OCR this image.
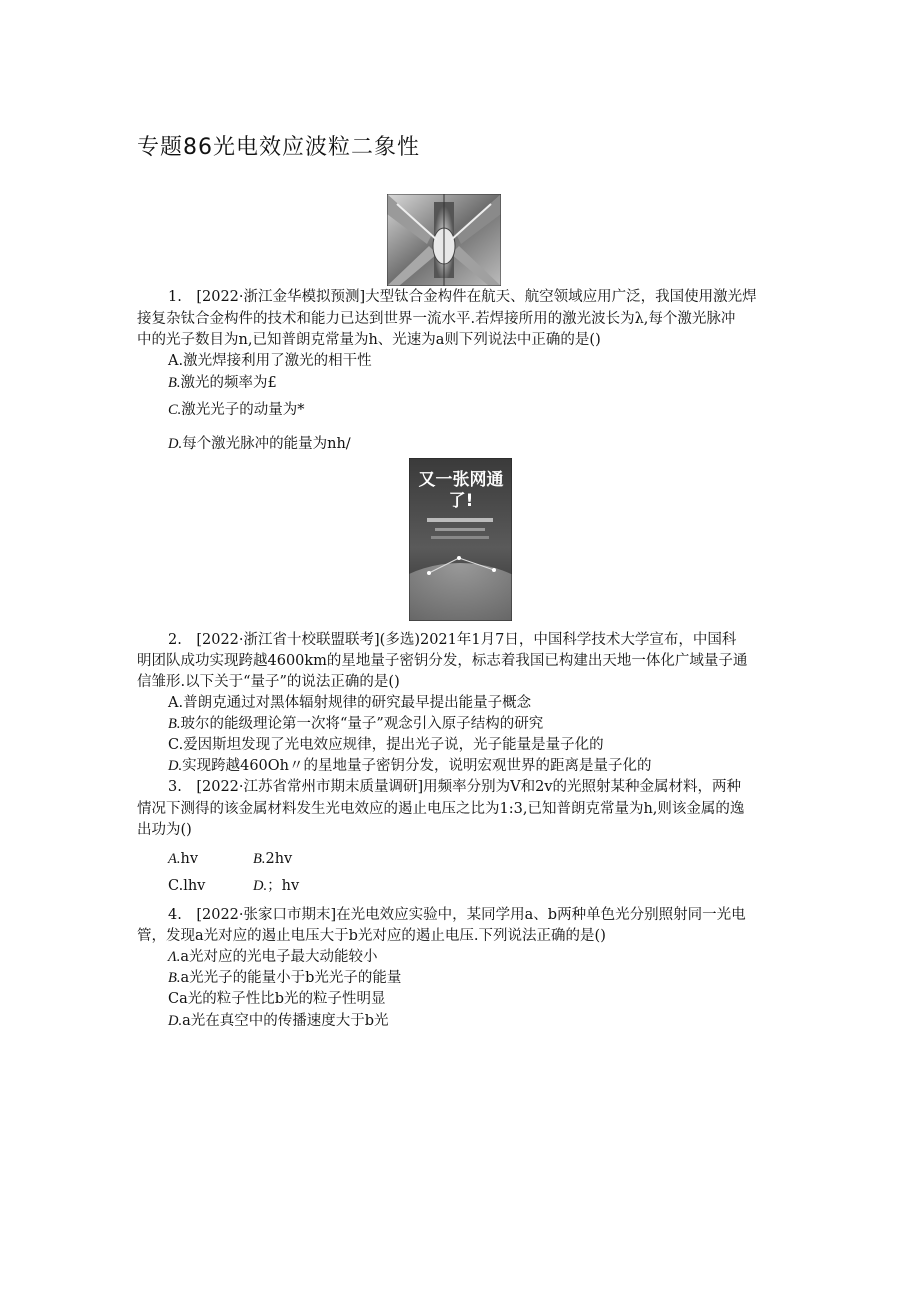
专题86光电效应波粒二象性
1.　[2022·浙江金华模拟预测]大型钛合金构件在航天、航空领域应用广泛，我国使用激光焊
接复杂钛合金构件的技术和能力已达到世界一流水平.若焊接所用的激光波长为λ,每个激光脉冲
中的光子数目为n,已知普朗克常量为h、光速为a则下列说法中正确的是()
A.激光焊接利用了激光的相干性
B.激光的频率为£
C.激光光子的动量为*
D.每个激光脉冲的能量为nh∕
又一张网通了!
2.　[2022·浙江省十校联盟联考](多选)2021年1月7日，中国科学技术大学宣布，中国科
明团队成功实现跨越4600km的星地量子密钥分发，标志着我国已构建出天地一体化广域量子通
信雏形.以下关于“量子”的说法正确的是()
A.普朗克通过对黑体辐射规律的研究最早提出能量子概念
B.玻尔的能级理论第一次将“量子”观念引入原子结构的研究
C.爱因斯坦发现了光电效应规律，提出光子说，光子能量是量子化的
D.实现跨越460Oh〃的星地量子密钥分发，说明宏观世界的距离是量子化的
3.　[2022·江苏省常州市期末质量调研]用频率分别为V和2v的光照射某种金属材料，两种
情况下测得的该金属材料发生光电效应的遏止电压之比为1:3,已知普朗克常量为h,则该金属的逸
出功为()
A.hv	B.2hv
C.lhv	D.；hv
4.　[2022·张家口市期末]在光电效应实验中，某同学用a、b两种单色光分别照射同一光电
管，发现a光对应的遏止电压大于b光对应的遏止电压.下列说法正确的是()
Λ.a光对应的光电子最大动能较小
B.a光光子的能量小于b光光子的能量
Ca光的粒子性比b光的粒子性明显
D.a光在真空中的传播速度大于b光
